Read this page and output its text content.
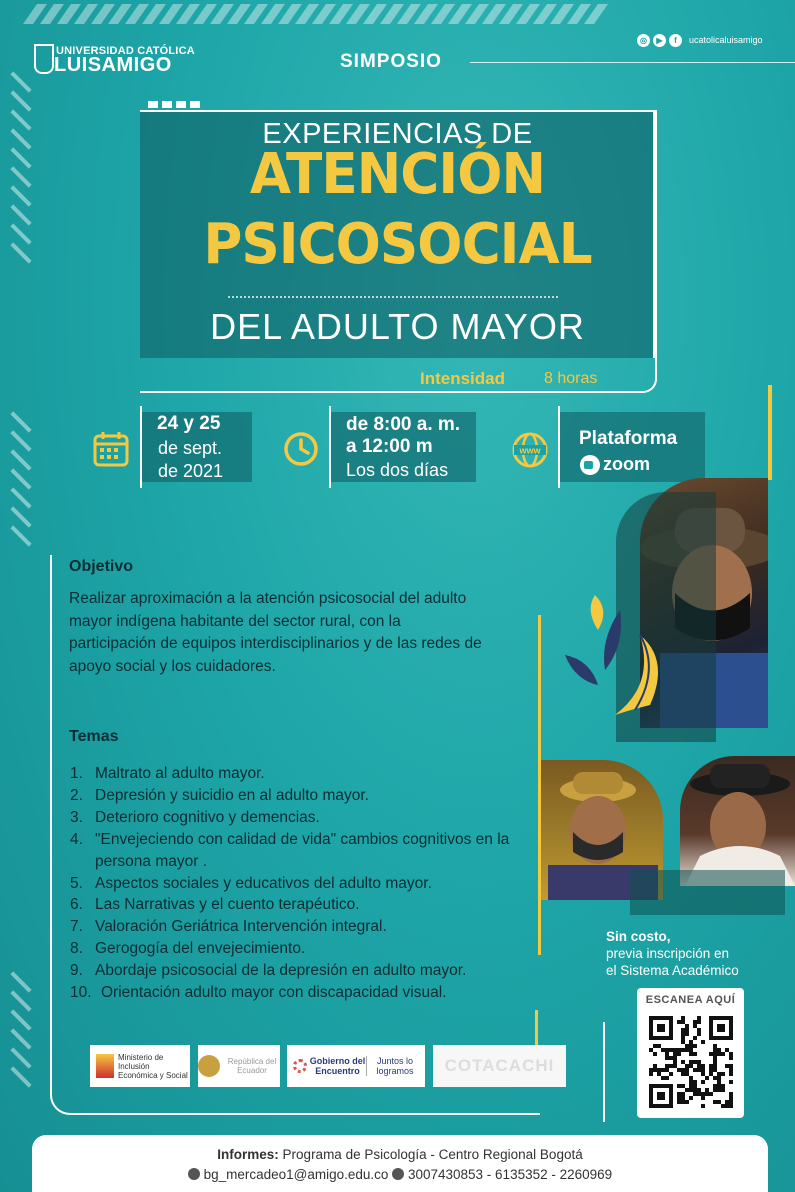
UNIVERSIDAD CATÓLICA
LUISAMIGO	SIMPOSIO
◎	▶	f	ucatolicaluisamigo
EXPERIENCIAS DE
ATENCIÓN
PSICOSOCIAL
DEL ADULTO MAYOR
Intensidad 8 horas
24 y 25
de sept.
de 2021
de 8:00 a. m.
a 12:00 m
Los dos días
www
Plataforma
zoom
Objetivo
Realizar aproximación a la atención psicosocial del adulto mayor indígena habitante del sector rural, con la participación de equipos interdisciplinarios y de las redes de apoyo social y los cuidadores.
Temas
1. Maltrato al adulto mayor.
2. Depresión y suicidio en al adulto mayor.
3. Deterioro cognitivo y demencias.
4. "Envejeciendo con calidad de vida" cambios cognitivos en la persona mayor .
5. Aspectos sociales y educativos del adulto mayor.
6. Las Narrativas y el cuento terapéutico.
7. Valoración Geriátrica Intervención integral.
8. Gerogogía del envejecimiento.
9. Abordaje psicosocial de la depresión en adulto mayor.
10. Orientación adulto mayor con discapacidad visual.
Ministerio de Inclusión Económica y Social
República del Ecuador
Gobierno del Encuentro
Juntos lo logramos	COTACACHI
Sin costo,
previa inscripción en
el Sistema Académico
ESCANEA AQUÍ
Informes: Programa de Psicología - Centro Regional Bogotá
bg_mercadeo1@amigo.edu.co 3007430853 - 6135352 - 2260969
